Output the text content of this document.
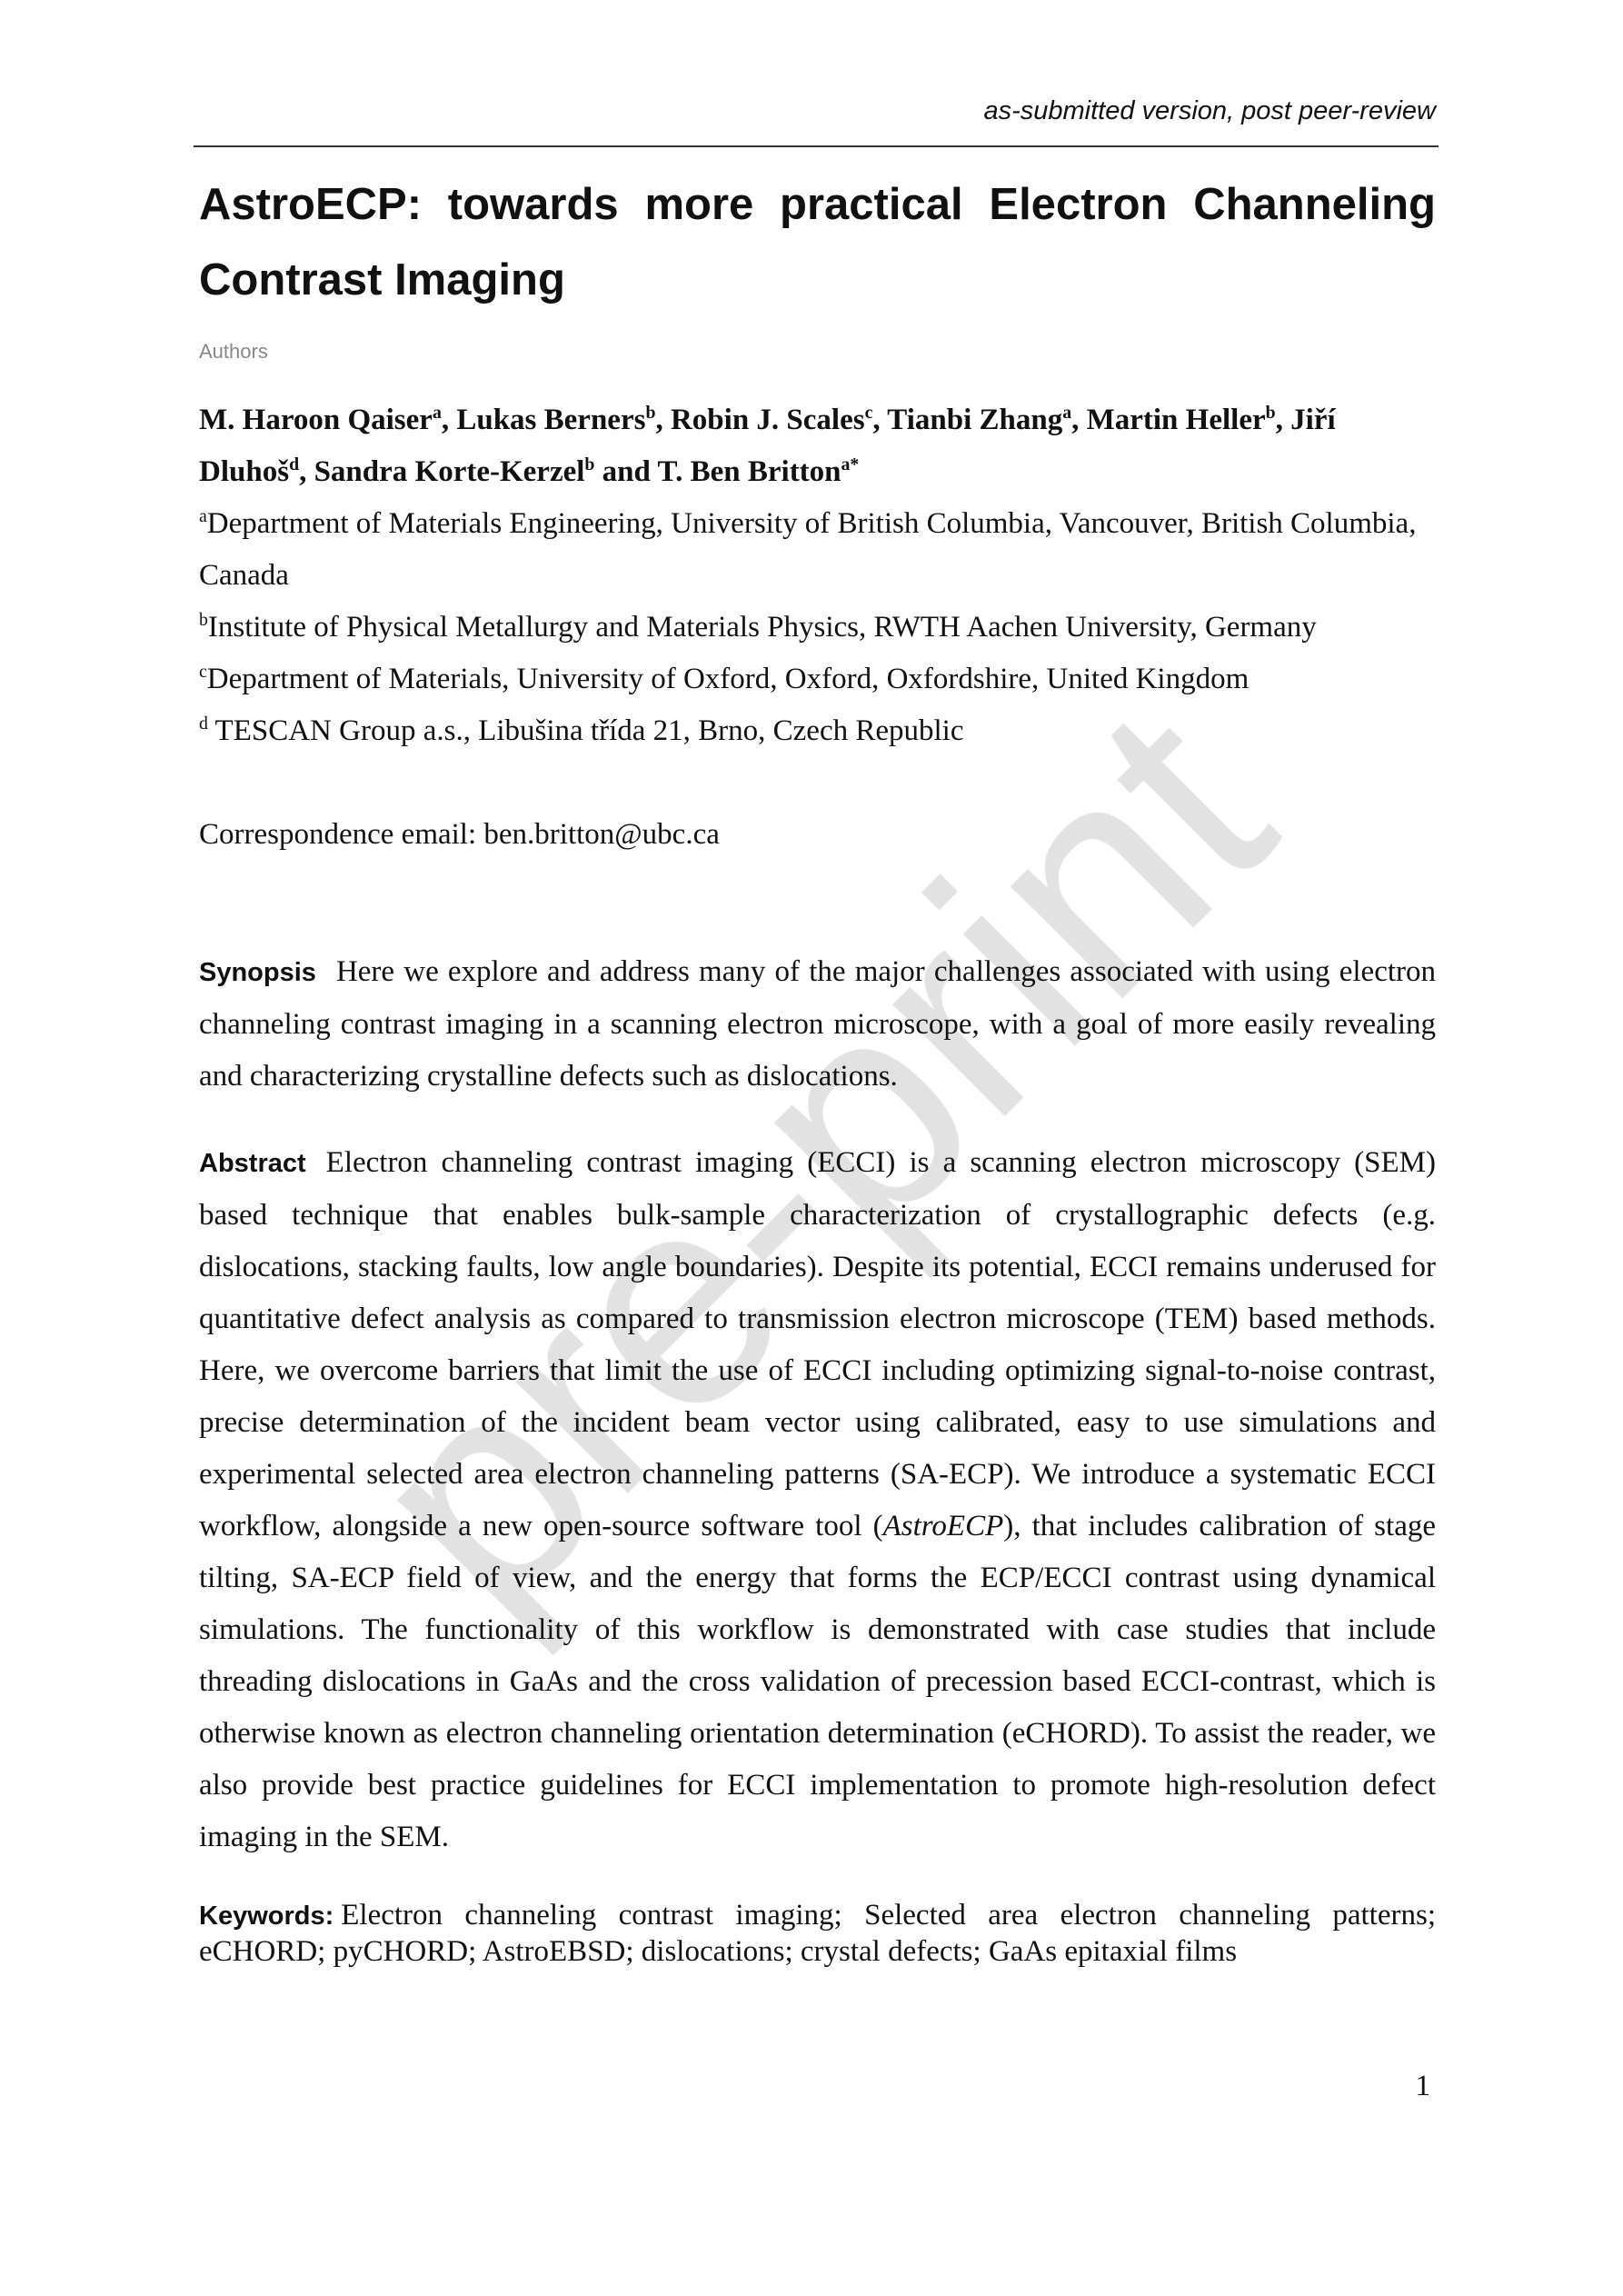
as-submitted version, post peer-review
AstroECP: towards more practical Electron Channeling Contrast Imaging
Authors
M. Haroon Qaiser$^a$, Lukas Berners$^b$, Robin J. Scales$^c$, Tianbi Zhang$^a$, Martin Heller$^b$, Jiří Dluhoš$^d$, Sandra Korte-Kerzel$^b$ and T. Ben Britton$^{a*}$
$^a$Department of Materials Engineering, University of British Columbia, Vancouver, British Columbia, Canada
$^b$Institute of Physical Metallurgy and Materials Physics, RWTH Aachen University, Germany
$^c$Department of Materials, University of Oxford, Oxford, Oxfordshire, United Kingdom
$^d$ TESCAN Group a.s., Libušina třída 21, Brno, Czech Republic
Correspondence email: ben.britton@ubc.ca
Synopsis Here we explore and address many of the major challenges associated with using electron channeling contrast imaging in a scanning electron microscope, with a goal of more easily revealing and characterizing crystalline defects such as dislocations.
Abstract Electron channeling contrast imaging (ECCI) is a scanning electron microscopy (SEM) based technique that enables bulk-sample characterization of crystallographic defects (e.g. dislocations, stacking faults, low angle boundaries). Despite its potential, ECCI remains underused for quantitative defect analysis as compared to transmission electron microscope (TEM) based methods. Here, we overcome barriers that limit the use of ECCI including optimizing signal-to-noise contrast, precise determination of the incident beam vector using calibrated, easy to use simulations and experimental selected area electron channeling patterns (SA-ECP). We introduce a systematic ECCI workflow, alongside a new open-source software tool (AstroECP), that includes calibration of stage tilting, SA-ECP field of view, and the energy that forms the ECP/ECCI contrast using dynamical simulations. The functionality of this workflow is demonstrated with case studies that include threading dislocations in GaAs and the cross validation of precession based ECCI-contrast, which is otherwise known as electron channeling orientation determination (eCHORD). To assist the reader, we also provide best practice guidelines for ECCI implementation to promote high-resolution defect imaging in the SEM.
Keywords: Electron channeling contrast imaging; Selected area electron channeling patterns; eCHORD; pyCHORD; AstroEBSD; dislocations; crystal defects; GaAs epitaxial films
1
